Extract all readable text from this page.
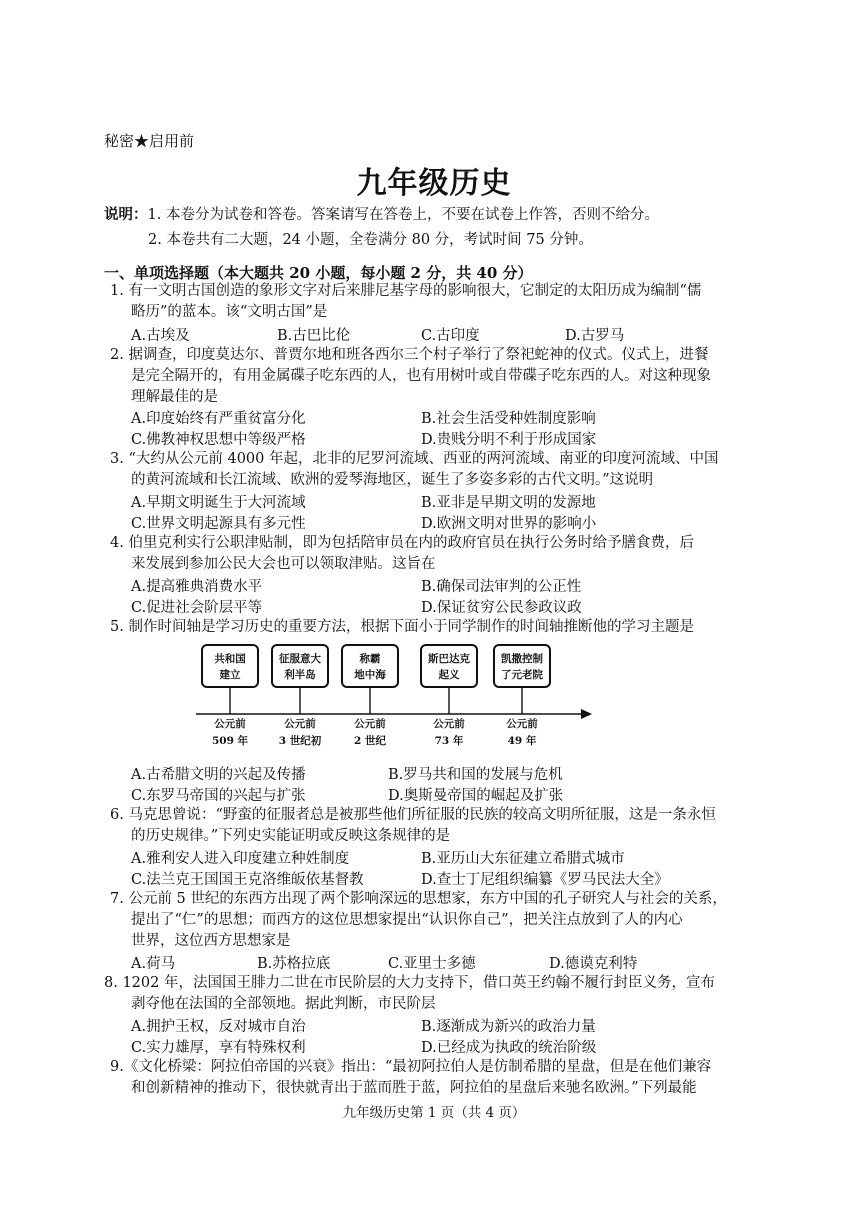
秘密★启用前
九年级历史
说明：1. 本卷分为试卷和答卷。答案请写在答卷上，不要在试卷上作答，否则不给分。
2. 本卷共有二大题，24 小题，全卷满分 80 分，考试时间 75 分钟。
一、单项选择题（本大题共 20 小题，每小题 2 分，共 40 分）
1. 有一文明古国创造的象形文字对后来腓尼基字母的影响很大，它制定的太阳历成为编制“儒
略历”的蓝本。该“文明古国”是
A.古埃及	B.古巴比伦	C.古印度	D.古罗马
2. 据调查，印度莫达尔、普贾尔地和班各西尔三个村子举行了祭祀蛇神的仪式。仪式上，进餐
是完全隔开的，有用金属碟子吃东西的人，也有用树叶或自带碟子吃东西的人。对这种现象
理解最佳的是
A.印度始终有严重贫富分化	B.社会生活受种姓制度影响
C.佛教神权思想中等级严格	D.贵贱分明不利于形成国家
3. “大约从公元前 4000 年起，北非的尼罗河流域、西亚的两河流域、南亚的印度河流域、中国
的黄河流域和长江流域、欧洲的爱琴海地区，诞生了多姿多彩的古代文明。”这说明
A.早期文明诞生于大河流域	B.亚非是早期文明的发源地
C.世界文明起源具有多元性	D.欧洲文明对世界的影响小
4. 伯里克利实行公职津贴制，即为包括陪审员在内的政府官员在执行公务时给予膳食费，后
来发展到参加公民大会也可以领取津贴。这旨在
A.提高雅典消费水平	B.确保司法审判的公正性
C.促进社会阶层平等	D.保证贫穷公民参政议政
5. 制作时间轴是学习历史的重要方法，根据下面小于同学制作的时间轴推断他的学习主题是
共和国
建立
征服意大
利半岛
称霸
地中海
斯巴达克
起义
凯撒控制
了元老院
公元前
509 年
公元前
3 世纪初
公元前
2 世纪
公元前
73 年
公元前
49 年
A.古希腊文明的兴起及传播	B.罗马共和国的发展与危机
C.东罗马帝国的兴起与扩张	D.奥斯曼帝国的崛起及扩张
6. 马克思曾说：“野蛮的征服者总是被那些他们所征服的民族的较高文明所征服，这是一条永恒
的历史规律。”下列史实能证明或反映这条规律的是
A.雅利安人进入印度建立种姓制度	B.亚历山大东征建立希腊式城市
C.法兰克王国国王克洛维皈依基督教	D.查士丁尼组织编纂《罗马民法大全》
7. 公元前 5 世纪的东西方出现了两个影响深远的思想家，东方中国的孔子研究人与社会的关系，
提出了“仁”的思想；而西方的这位思想家提出“认识你自己”，把关注点放到了人的内心
世界，这位西方思想家是
A.荷马	B.苏格拉底	C.亚里士多德	D.德谟克利特
8. 1202 年，法国国王腓力二世在市民阶层的大力支持下，借口英王约翰不履行封臣义务，宣布
剥夺他在法国的全部领地。据此判断，市民阶层
A.拥护王权，反对城市自治	B.逐渐成为新兴的政治力量
C.实力雄厚，享有特殊权利	D.已经成为执政的统治阶级
9.《文化桥梁：阿拉伯帝国的兴衰》指出：“最初阿拉伯人是仿制希腊的星盘，但是在他们兼容
和创新精神的推动下，很快就青出于蓝而胜于蓝，阿拉伯的星盘后来驰名欧洲。”下列最能
九年级历史第 1 页（共 4 页）
